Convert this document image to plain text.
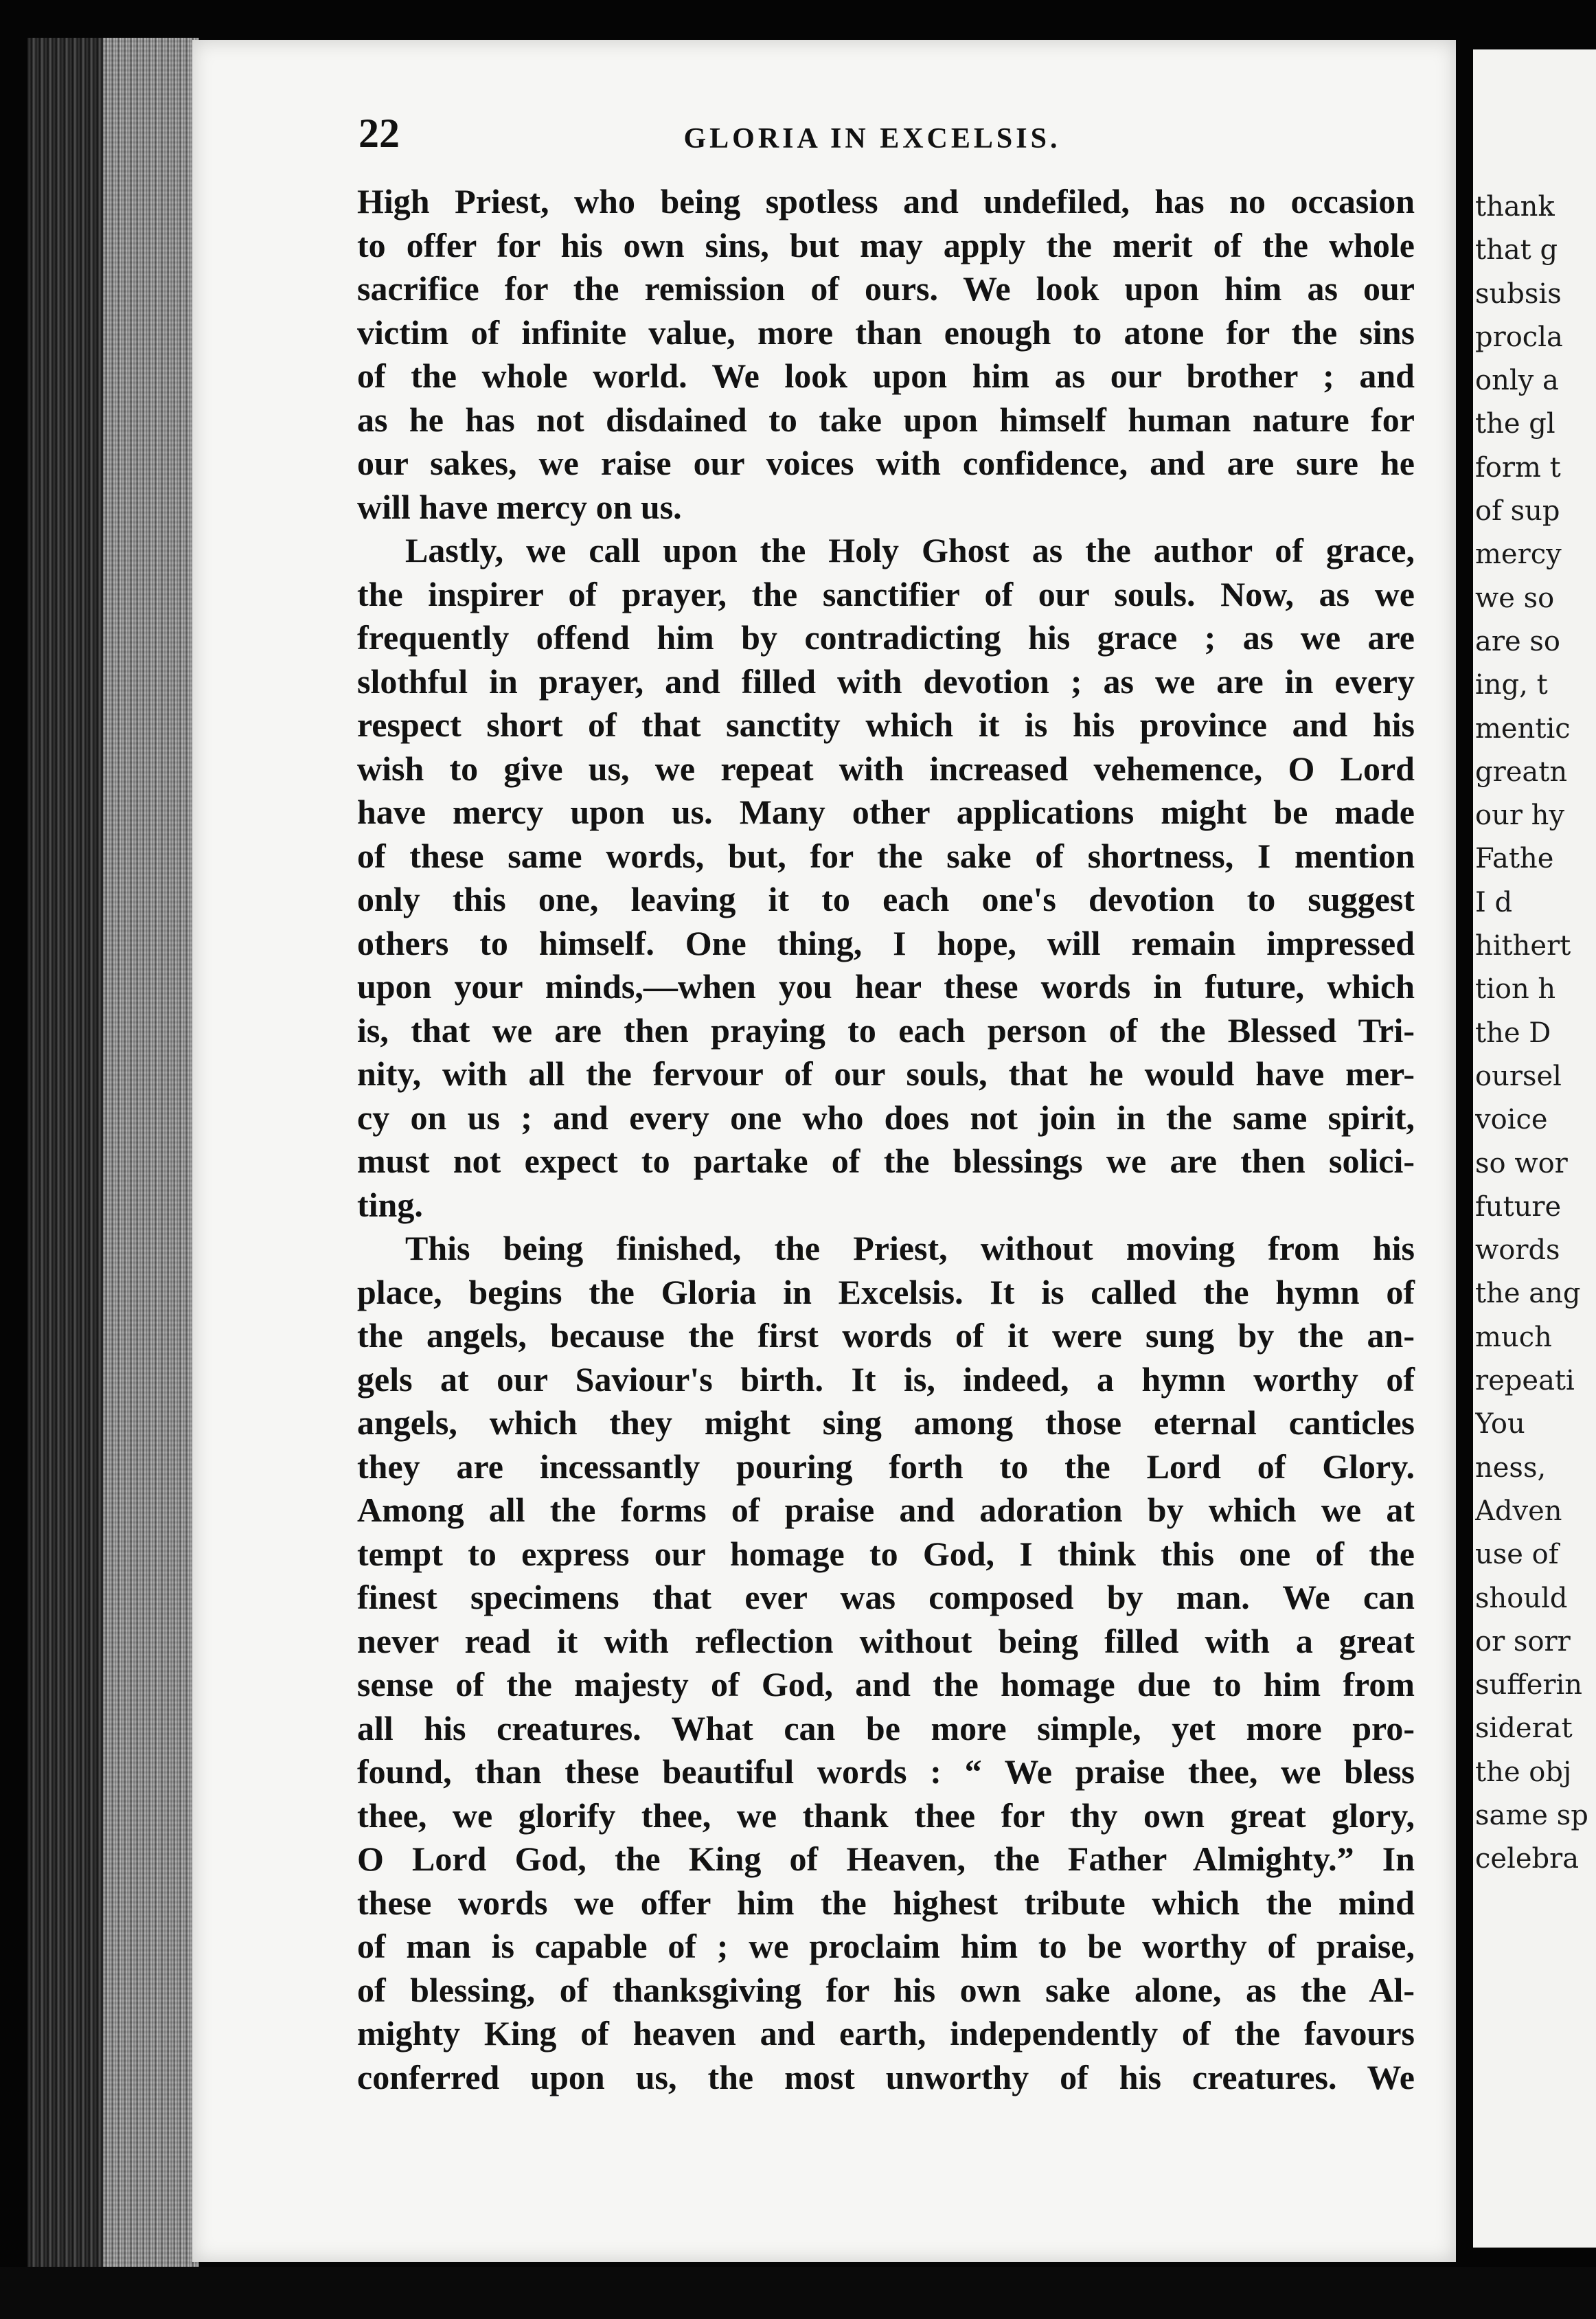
22	GLORIA IN EXCELSIS.
High Priest, who being spotless and undefiled, has no occasion
to offer for his own sins, but may apply the merit of the whole
sacrifice for the remission of ours. We look upon him as our
victim of infinite value, more than enough to atone for the sins
of the whole world. We look upon him as our brother ; and
as he has not disdained to take upon himself human nature for
our sakes, we raise our voices with confidence, and are sure he
will have mercy on us.
Lastly, we call upon the Holy Ghost as the author of grace,
the inspirer of prayer, the sanctifier of our souls. Now, as we
frequently offend him by contradicting his grace ; as we are
slothful in prayer, and filled with devotion ; as we are in every
respect short of that sanctity which it is his province and his
wish to give us, we repeat with increased vehemence, O Lord
have mercy upon us. Many other applications might be made
of these same words, but, for the sake of shortness, I mention
only this one, leaving it to each one's devotion to suggest
others to himself. One thing, I hope, will remain impressed
upon your minds,—when you hear these words in future, which
is, that we are then praying to each person of the Blessed Tri-
nity, with all the fervour of our souls, that he would have mer-
cy on us ; and every one who does not join in the same spirit,
must not expect to partake of the blessings we are then solici-
ting.
This being finished, the Priest, without moving from his
place, begins the Gloria in Excelsis. It is called the hymn of
the angels, because the first words of it were sung by the an-
gels at our Saviour's birth. It is, indeed, a hymn worthy of
angels, which they might sing among those eternal canticles
they are incessantly pouring forth to the Lord of Glory.
Among all the forms of praise and adoration by which we at
tempt to express our homage to God, I think this one of the
finest specimens that ever was composed by man. We can
never read it with reflection without being filled with a great
sense of the majesty of God, and the homage due to him from
all his creatures. What can be more simple, yet more pro-
found, than these beautiful words : “ We praise thee, we bless
thee, we glorify thee, we thank thee for thy own great glory,
O Lord God, the King of Heaven, the Father Almighty.” In
these words we offer him the highest tribute which the mind
of man is capable of ; we proclaim him to be worthy of praise,
of blessing, of thanksgiving for his own sake alone, as the Al-
mighty King of heaven and earth, independently of the favours
conferred upon us, the most unworthy of his creatures. We
thank
that g
subsis
procla
only a
the gl
form t
of sup
mercy
we so
are so
ing, t
mentic
greatn
our hy
Fathe
I d
hithert
tion h
the D
oursel
voice
so wor
future
words
the ang
much
repeati
You
ness,
Adven
use of
should
or sorr
sufferin
siderat
the obj
same sp
celebra
